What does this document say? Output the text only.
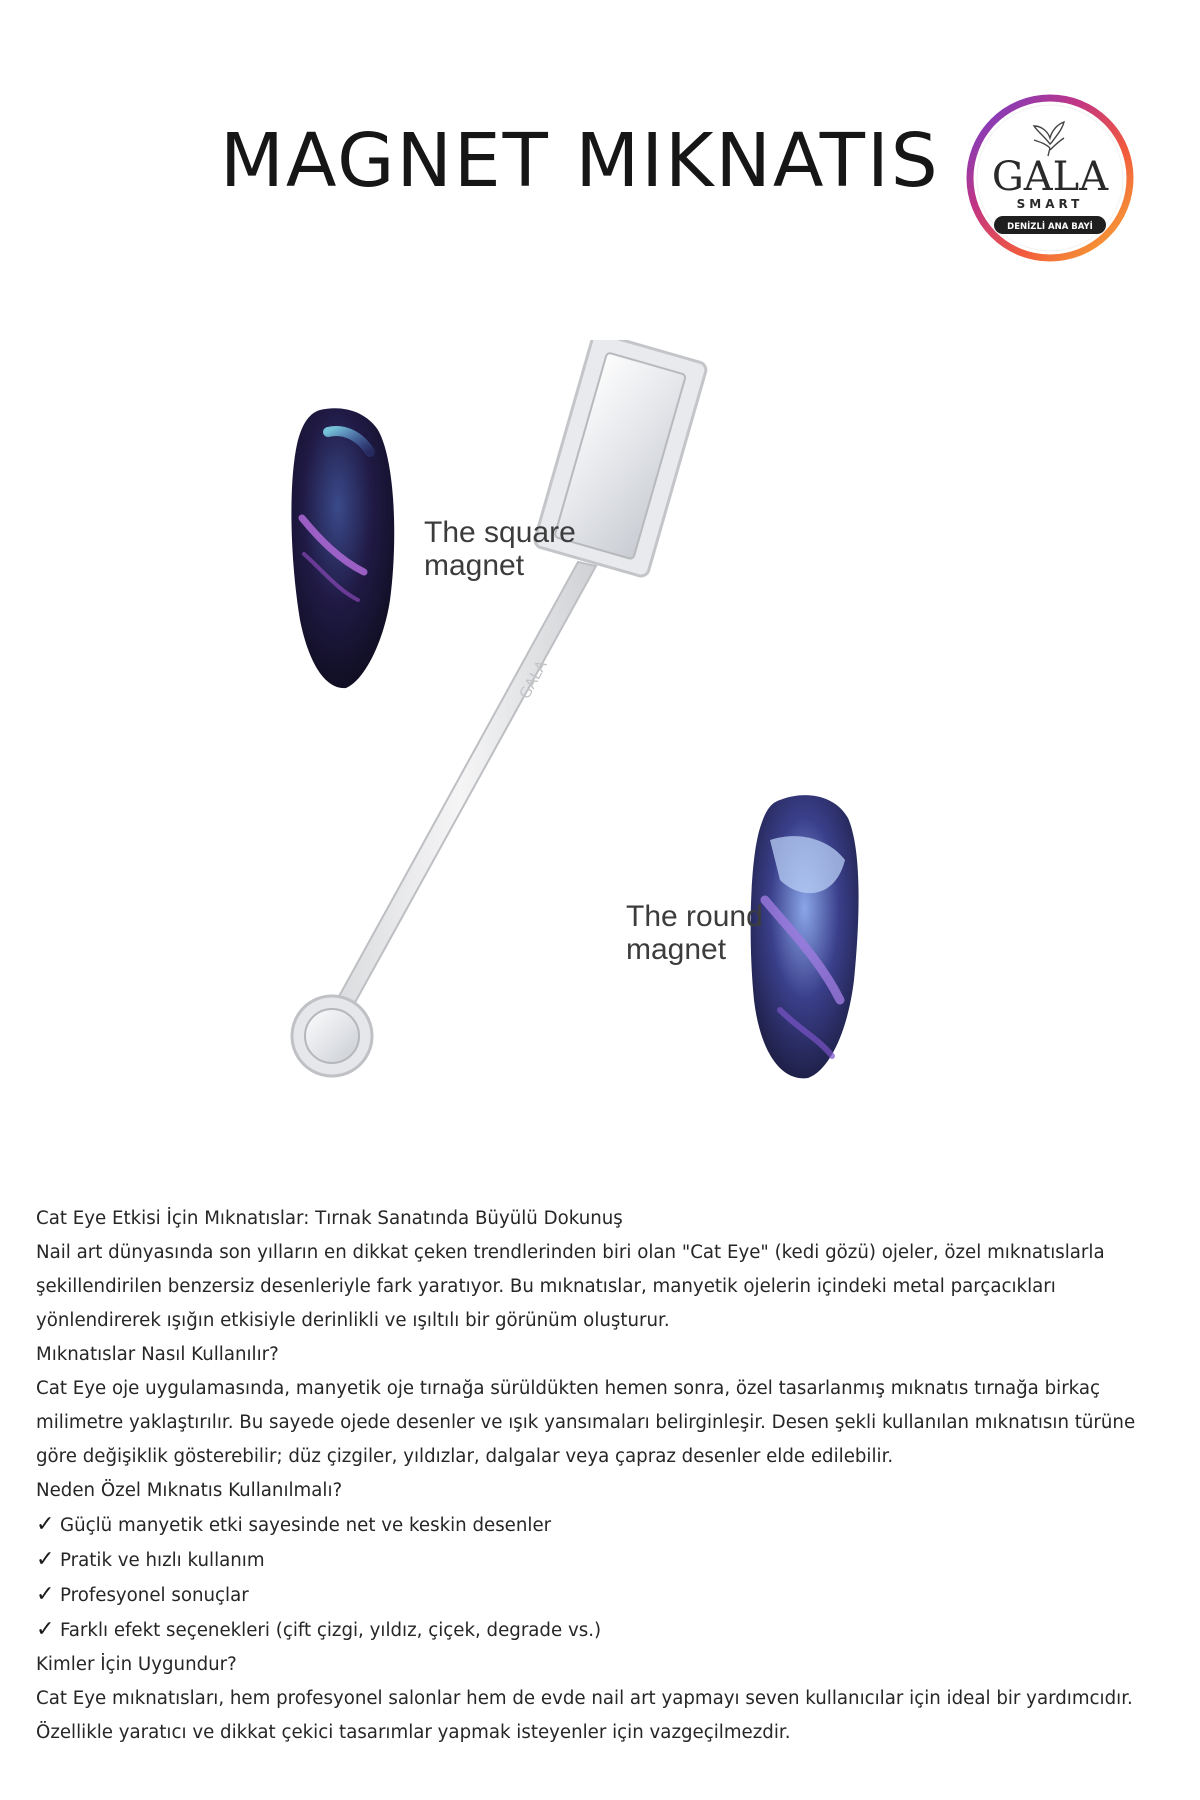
MAGNET MIKNATIS	GALA
SMART
DENİZLİ ANA BAYİ
GALA
The square
magnet
The round
magnet

Cat Eye Etkisi İçin Mıknatıslar: Tırnak Sanatında Büyülü Dokunuş

Nail art dünyasında son yılların en dikkat çeken trendlerinden biri olan "Cat Eye" (kedi gözü) ojeler, özel mıknatıslarla şekillendirilen benzersiz desenleriyle fark yaratıyor. Bu mıknatıslar, manyetik ojelerin içindeki metal parçacıkları yönlendirerek ışığın etkisiyle derinlikli ve ışıltılı bir görünüm oluşturur.

Mıknatıslar Nasıl Kullanılır?

Cat Eye oje uygulamasında, manyetik oje tırnağa sürüldükten hemen sonra, özel tasarlanmış mıknatıs tırnağa birkaç milimetre yaklaştırılır. Bu sayede ojede desenler ve ışık yansımaları belirginleşir. Desen şekli kullanılan mıknatısın türüne göre değişiklik gösterebilir; düz çizgiler, yıldızlar, dalgalar veya çapraz desenler elde edilebilir.

Neden Özel Mıknatıs Kullanılmalı?

✓ Güçlü manyetik etki sayesinde net ve keskin desenler
✓ Pratik ve hızlı kullanım
✓ Profesyonel sonuçlar
✓ Farklı efekt seçenekleri (çift çizgi, yıldız, çiçek, degrade vs.)

Kimler İçin Uygundur?

Cat Eye mıknatısları, hem profesyonel salonlar hem de evde nail art yapmayı seven kullanıcılar için ideal bir yardımcıdır. Özellikle yaratıcı ve dikkat çekici tasarımlar yapmak isteyenler için vazgeçilmezdir.
